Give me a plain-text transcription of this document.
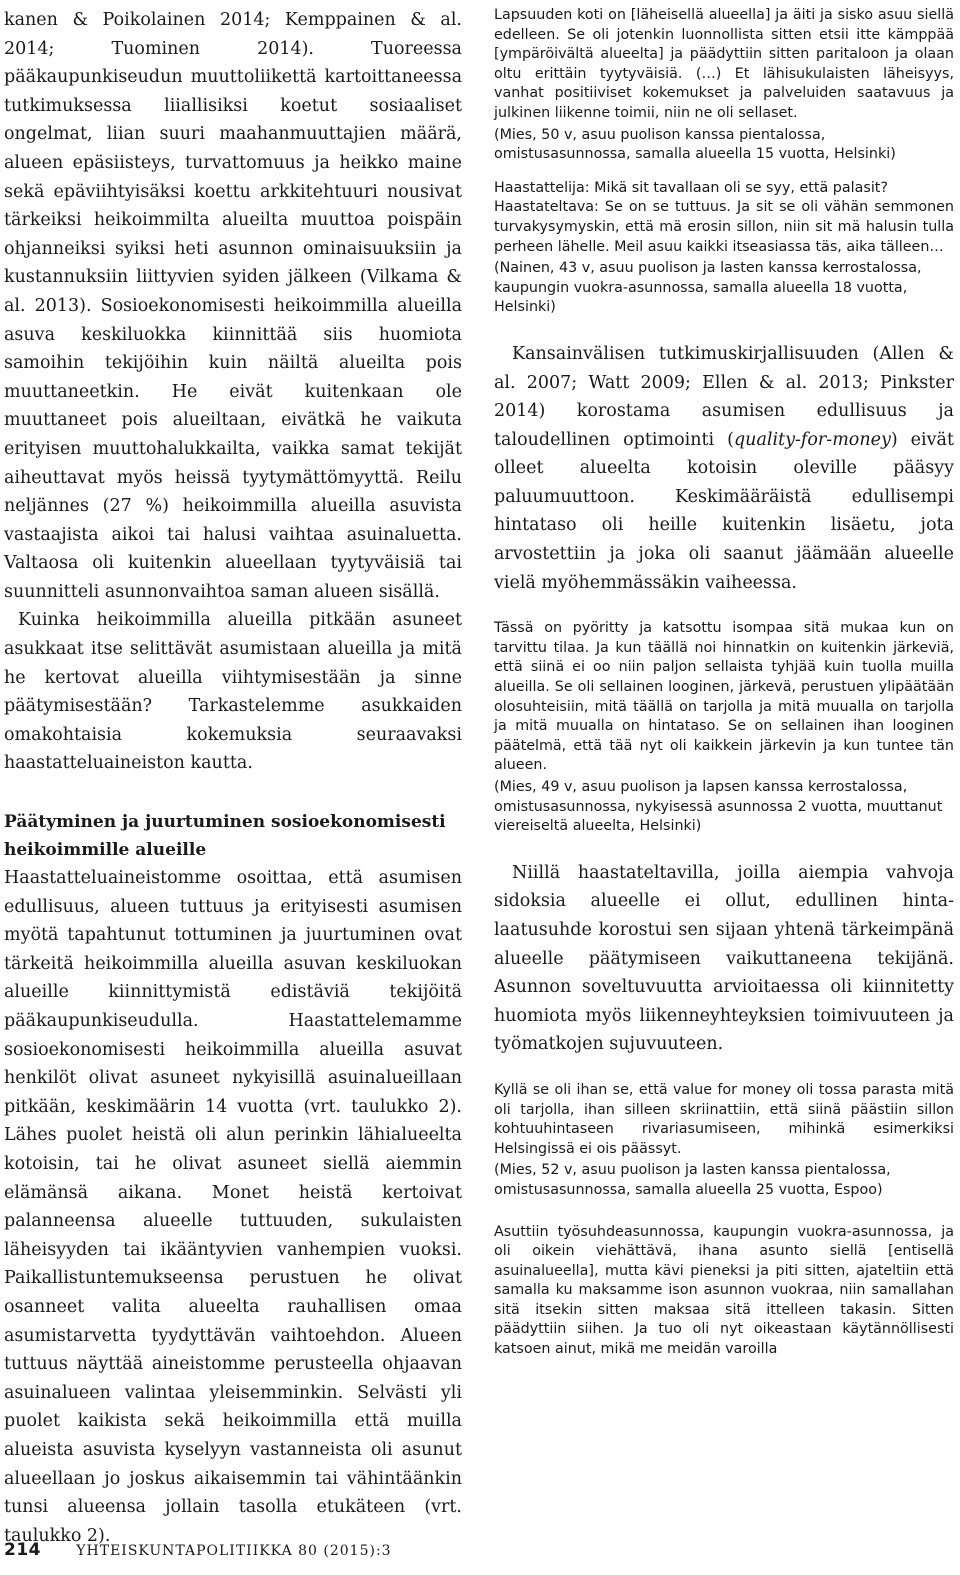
kanen & Poikolainen 2014; Kemppainen & al. 2014; Tuominen 2014). Tuoreessa pääkaupunkiseudun muuttoliikettä kartoittaneessa tutkimuksessa liiallisiksi koetut sosiaaliset ongelmat, liian suuri maahanmuuttajien määrä, alueen epäsiisteys, turvattomuus ja heikko maine sekä epäviihtyisäksi koettu arkkitehtuuri nousivat tärkeiksi heikoimmilta alueilta muuttoa poispäin ohjanneiksi syiksi heti asunnon ominaisuuksiin ja kustannuksiin liittyvien syiden jälkeen (Vilkama & al. 2013). Sosioekonomisesti heikoimmilla alueilla asuva keskiluokka kiinnittää siis huomiota samoihin tekijöihin kuin näiltä alueilta pois muuttaneetkin. He eivät kuitenkaan ole muuttaneet pois alueiltaan, eivätkä he vaikuta erityisen muuttohalukkailta, vaikka samat tekijät aiheuttavat myös heissä tyytymättömyyttä. Reilu neljännes (27 %) heikoimmilla alueilla asuvista vastaajista aikoi tai halusi vaihtaa asuinaluetta. Valtaosa oli kuitenkin alueellaan tyytyväisiä tai suunnitteli asunnonvaihtoa saman alueen sisällä.

Kuinka heikoimmilla alueilla pitkään asuneet asukkaat itse selittävät asumistaan alueilla ja mitä he kertovat alueilla viihtymisestään ja sinne päätymisestään? Tarkastelemme asukkaiden omakohtaisia kokemuksia seuraavaksi haastatteluaineiston kautta.

Päätyminen ja juurtuminen sosioekonomisesti heikoimmille alueille

Haastatteluaineistomme osoittaa, että asumisen edullisuus, alueen tuttuus ja erityisesti asumisen myötä tapahtunut tottuminen ja juurtuminen ovat tärkeitä heikoimmilla alueilla asuvan keskiluokan alueille kiinnittymistä edistäviä tekijöitä pääkaupunkiseudulla. Haastattelemamme sosioekonomisesti heikoimmilla alueilla asuvat henkilöt olivat asuneet nykyisillä asuinalueillaan pitkään, keskimäärin 14 vuotta (vrt. taulukko 2). Lähes puolet heistä oli alun perinkin lähialueelta kotoisin, tai he olivat asuneet siellä aiemmin elämänsä aikana. Monet heistä kertoivat palanneensa alueelle tuttuuden, sukulaisten läheisyyden tai ikääntyvien vanhempien vuoksi. Paikallistuntemukseensa perustuen he olivat osanneet valita alueelta rauhallisen omaa asumistarvetta tyydyttävän vaihtoehdon. Alueen tuttuus näyttää aineistomme perusteella ohjaavan asuinalueen valintaa yleisemminkin. Selvästi yli puolet kaikista sekä heikoimmilla että muilla alueista asuvista kyselyyn vastanneista oli asunut alueellaan jo joskus aikaisemmin tai vähintäänkin tunsi alueensa jollain tasolla etukäteen (vrt. taulukko 2).

Lapsuuden koti on [läheisellä alueella] ja äiti ja sisko asuu siellä edelleen. Se oli jotenkin luonnollista sitten etsii itte kämppää [ympäröivältä alueelta] ja päädyttiin sitten paritaloon ja olaan oltu erittäin tyytyväisiä. (…) Et lähisukulaisten läheisyys, vanhat positiiviset kokemukset ja palveluiden saatavuus ja julkinen liikenne toimii, niin ne oli sellaset.

(Mies, 50 v, asuu puolison kanssa pientalossa, omistusasunnossa, samalla alueella 15 vuotta, Helsinki)

Haastattelija: Mikä sit tavallaan oli se syy, että palasit?

Haastateltava: Se on se tuttuus. Ja sit se oli vähän semmonen turvakysymyskin, että mä erosin sillon, niin sit mä halusin tulla perheen lähelle. Meil asuu kaikki itseasiassa täs, aika tälleen…

(Nainen, 43 v, asuu puolison ja lasten kanssa kerrostalossa, kaupungin vuokra-asunnossa, samalla alueella 18 vuotta, Helsinki)

Kansainvälisen tutkimuskirjallisuuden (Allen & al. 2007; Watt 2009; Ellen & al. 2013; Pinkster 2014) korostama asumisen edullisuus ja taloudellinen optimointi (quality-for-money) eivät olleet alueelta kotoisin oleville pääsyy paluumuuttoon. Keskimääräistä edullisempi hintataso oli heille kuitenkin lisäetu, jota arvostettiin ja joka oli saanut jäämään alueelle vielä myöhemmässäkin vaiheessa.

Tässä on pyöritty ja katsottu isompaa sitä mukaa kun on tarvittu tilaa. Ja kun täällä noi hinnatkin on kuitenkin järkeviä, että siinä ei oo niin paljon sellaista tyhjää kuin tuolla muilla alueilla. Se oli sellainen looginen, järkevä, perustuen ylipäätään olosuhteisiin, mitä täällä on tarjolla ja mitä muualla on tarjolla ja mitä muualla on hintataso. Se on sellainen ihan looginen päätelmä, että tää nyt oli kaikkein järkevin ja kun tuntee tän alueen.

(Mies, 49 v, asuu puolison ja lapsen kanssa kerrostalossa, omistusasunnossa, nykyisessä asunnossa 2 vuotta, muuttanut viereiseltä alueelta, Helsinki)

Niillä haastateltavilla, joilla aiempia vahvoja sidoksia alueelle ei ollut, edullinen hinta-laatusuhde korostui sen sijaan yhtenä tärkeimpänä alueelle päätymiseen vaikuttaneena tekijänä. Asunnon soveltuvuutta arvioitaessa oli kiinnitetty huomiota myös liikenneyhteyksien toimivuuteen ja työmatkojen sujuvuuteen.

Kyllä se oli ihan se, että value for money oli tossa parasta mitä oli tarjolla, ihan silleen skriinattiin, että siinä päästiin sillon kohtuuhintaseen rivariasumiseen, mihinkä esimerkiksi Helsingissä ei ois päässyt.

(Mies, 52 v, asuu puolison ja lasten kanssa pientalossa, omistusasunnossa, samalla alueella 25 vuotta, Espoo)

Asuttiin työsuhdeasunnossa, kaupungin vuokra-asunnossa, ja oli oikein viehättävä, ihana asunto siellä [entisellä asuinalueella], mutta kävi pieneksi ja piti sitten, ajateltiin että samalla ku maksamme ison asunnon vuokraa, niin samallahan sitä itsekin sitten maksaa sitä ittelleen takasin. Sitten päädyttiin siihen. Ja tuo oli nyt oikeastaan käytännöllisesti katsoen ainut, mikä me meidän varoilla

214	YHTEISKUNTAPOLITIIKKA 80 (2015):3
